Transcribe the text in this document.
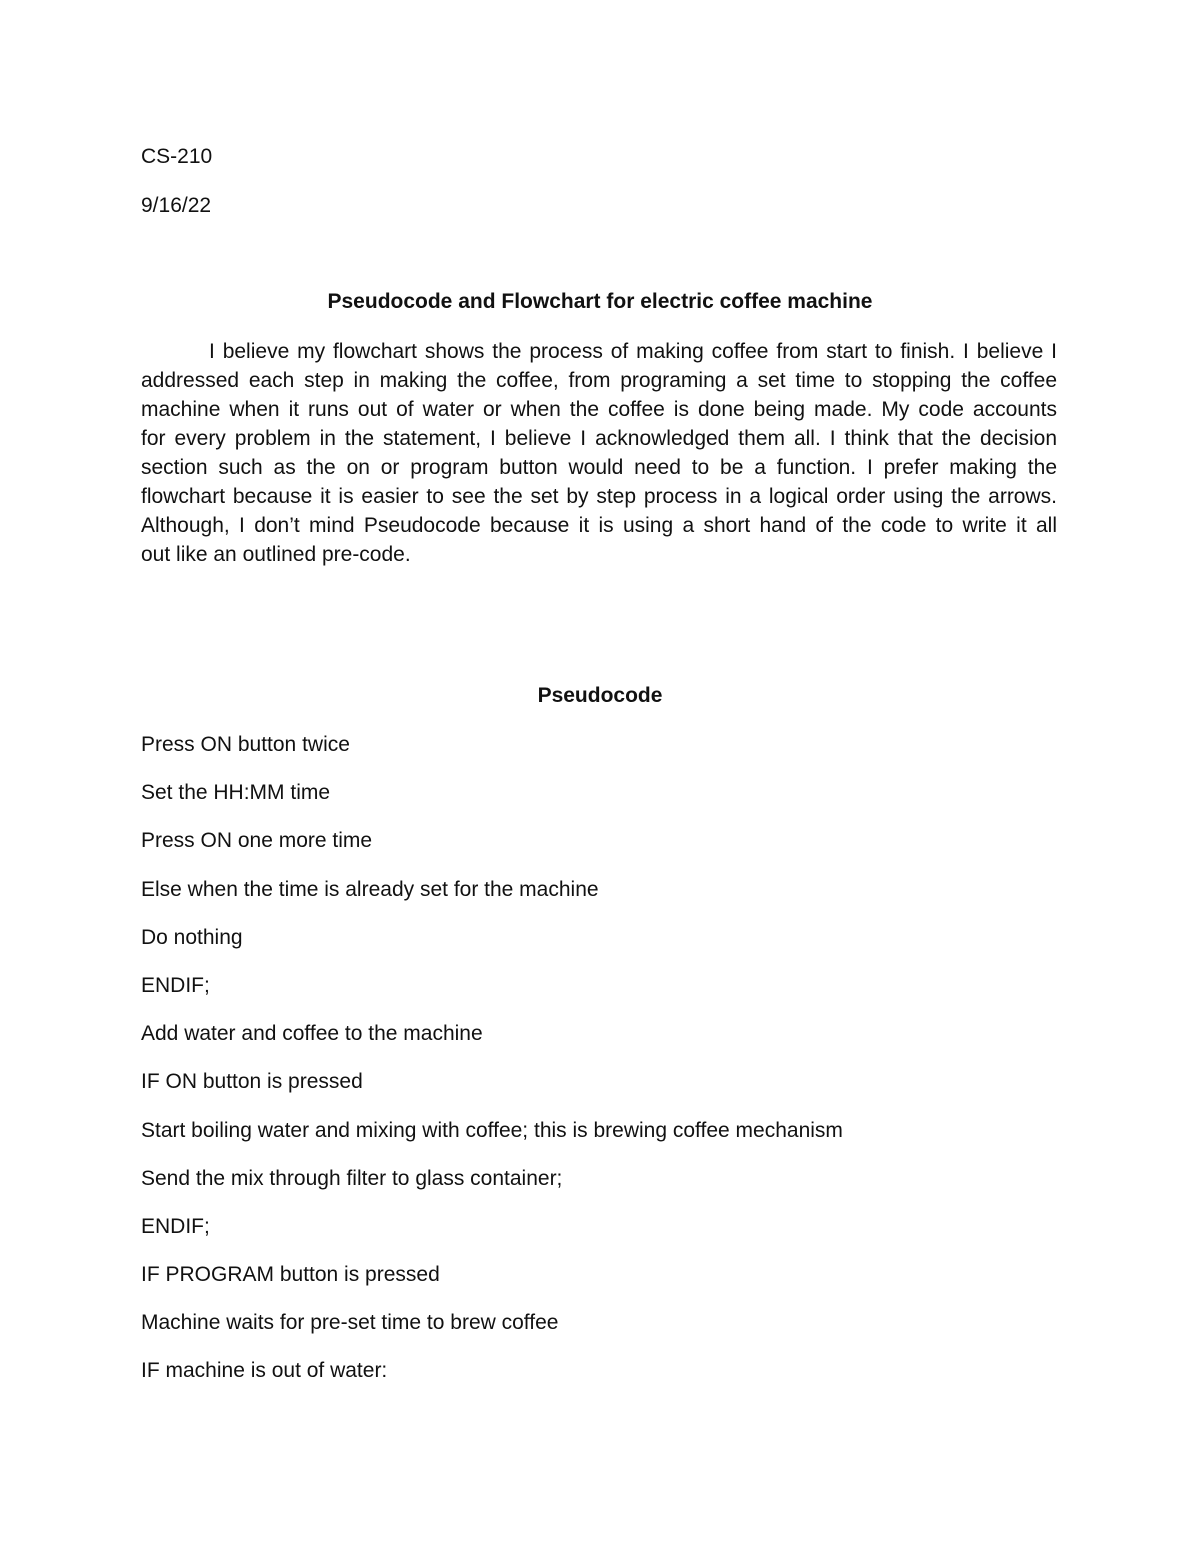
CS-210
9/16/22
Pseudocode and Flowchart for electric coffee machine
I believe my flowchart shows the process of making coffee from start to finish. I believe I
addressed each step in making the coffee, from programing a set time to stopping the coffee
machine when it runs out of water or when the coffee is done being made. My code accounts
for every problem in the statement, I believe I acknowledged them all. I think that the decision
section such as the on or program button would need to be a function. I prefer making the
flowchart because it is easier to see the set by step process in a logical order using the arrows.
Although, I don’t mind Pseudocode because it is using a short hand of the code to write it all
out like an outlined pre-code.
Pseudocode
Press ON button twice
Set the HH:MM time
Press ON one more time
Else when the time is already set for the machine
Do nothing
ENDIF;
Add water and coffee to the machine
IF ON button is pressed
Start boiling water and mixing with coffee; this is brewing coffee mechanism
Send the mix through filter to glass container;
ENDIF;
IF PROGRAM button is pressed
Machine waits for pre-set time to brew coffee
IF machine is out of water:
